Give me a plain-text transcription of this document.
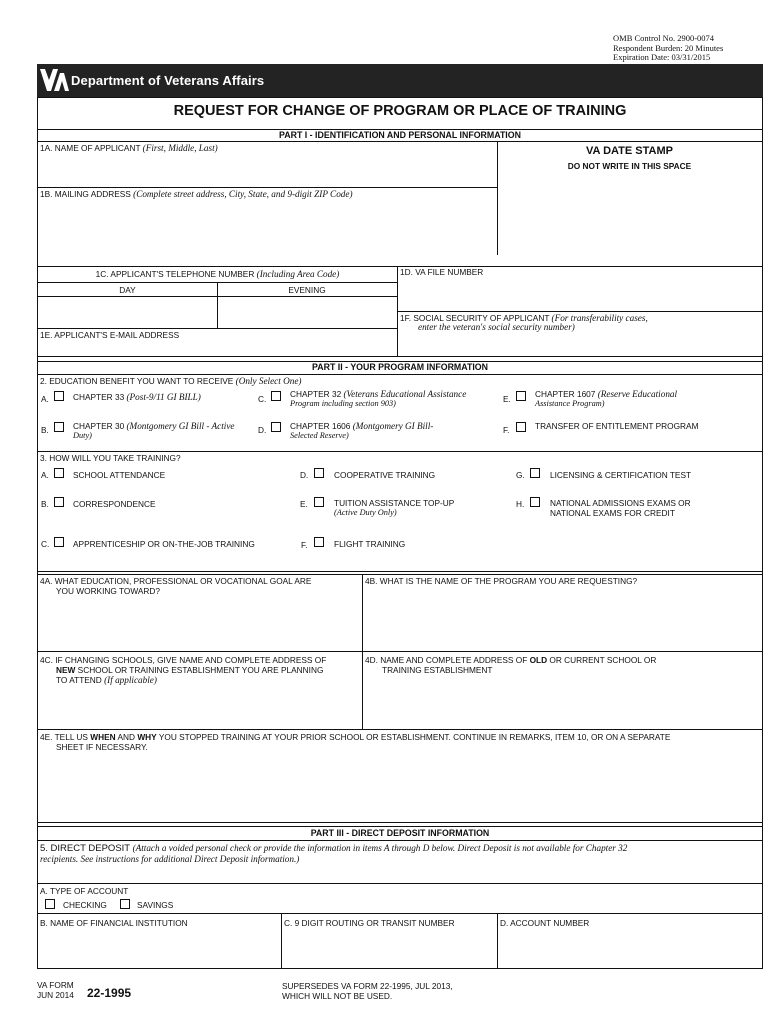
OMB Control No. 2900-0074
Respondent Burden: 20 Minutes
Expiration Date: 03/31/2015
Department of Veterans Affairs
REQUEST FOR CHANGE OF PROGRAM OR PLACE OF TRAINING
PART I - IDENTIFICATION AND PERSONAL INFORMATION
VA DATE STAMP
DO NOT WRITE IN THIS SPACE
1A. NAME OF APPLICANT (First, Middle, Last)
1B. MAILING ADDRESS (Complete street address, City, State, and 9-digit ZIP Code)
1C. APPLICANT'S TELEPHONE NUMBER (Including Area Code)
DAY	EVENING
1D. VA FILE NUMBER
1F. SOCIAL SECURITY OF APPLICANT (For transferability cases,
enter the veteran's social security number)
1E. APPLICANT'S E-MAIL ADDRESS
PART II - YOUR PROGRAM INFORMATION
2. EDUCATION BENEFIT YOU WANT TO RECEIVE (Only Select One)
A.	CHAPTER 33 (Post-9/11 GI BILL)
B.	CHAPTER 30 (Montgomery GI Bill - Active
Duty)
C.	CHAPTER 32 (Veterans Educational Assistance
Program including section 903)
D.	CHAPTER 1606 (Montgomery GI Bill-
Selected Reserve)
E.	CHAPTER 1607 (Reserve Educational
Assistance Program)
F.	TRANSFER OF ENTITLEMENT PROGRAM
3. HOW WILL YOU TAKE TRAINING?
A.	SCHOOL ATTENDANCE
B.	CORRESPONDENCE
C.	APPRENTICESHIP OR ON-THE-JOB TRAINING
D.	COOPERATIVE TRAINING
E.	TUITION ASSISTANCE TOP-UP
(Active Duty Only)
F.	FLIGHT TRAINING
G.	LICENSING & CERTIFICATION TEST
H.	NATIONAL ADMISSIONS EXAMS OR
NATIONAL EXAMS FOR CREDIT
4A. WHAT EDUCATION, PROFESSIONAL OR VOCATIONAL GOAL ARE
YOU WORKING TOWARD?
4B. WHAT IS THE NAME OF THE PROGRAM YOU ARE REQUESTING?
4C. IF CHANGING SCHOOLS, GIVE NAME AND COMPLETE ADDRESS OF
NEW SCHOOL OR TRAINING ESTABLISHMENT YOU ARE PLANNING
TO ATTEND (If applicable)
4D. NAME AND COMPLETE ADDRESS OF OLD OR CURRENT SCHOOL OR
TRAINING ESTABLISHMENT
4E. TELL US WHEN AND WHY YOU STOPPED TRAINING AT YOUR PRIOR SCHOOL OR ESTABLISHMENT. CONTINUE IN REMARKS, ITEM 10, OR ON A SEPARATE
SHEET IF NECESSARY.
PART III - DIRECT DEPOSIT INFORMATION
5. DIRECT DEPOSIT (Attach a voided personal check or provide the information in items A through D below. Direct Deposit is not available for Chapter 32
recipients. See instructions for additional Direct Deposit information.)
A. TYPE OF ACCOUNT
CHECKING	SAVINGS
B. NAME OF FINANCIAL INSTITUTION	C. 9 DIGIT ROUTING OR TRANSIT NUMBER	D. ACCOUNT NUMBER
VA FORM
JUN 2014 22-1995	SUPERSEDES VA FORM 22-1995, JUL 2013,
WHICH WILL NOT BE USED.
